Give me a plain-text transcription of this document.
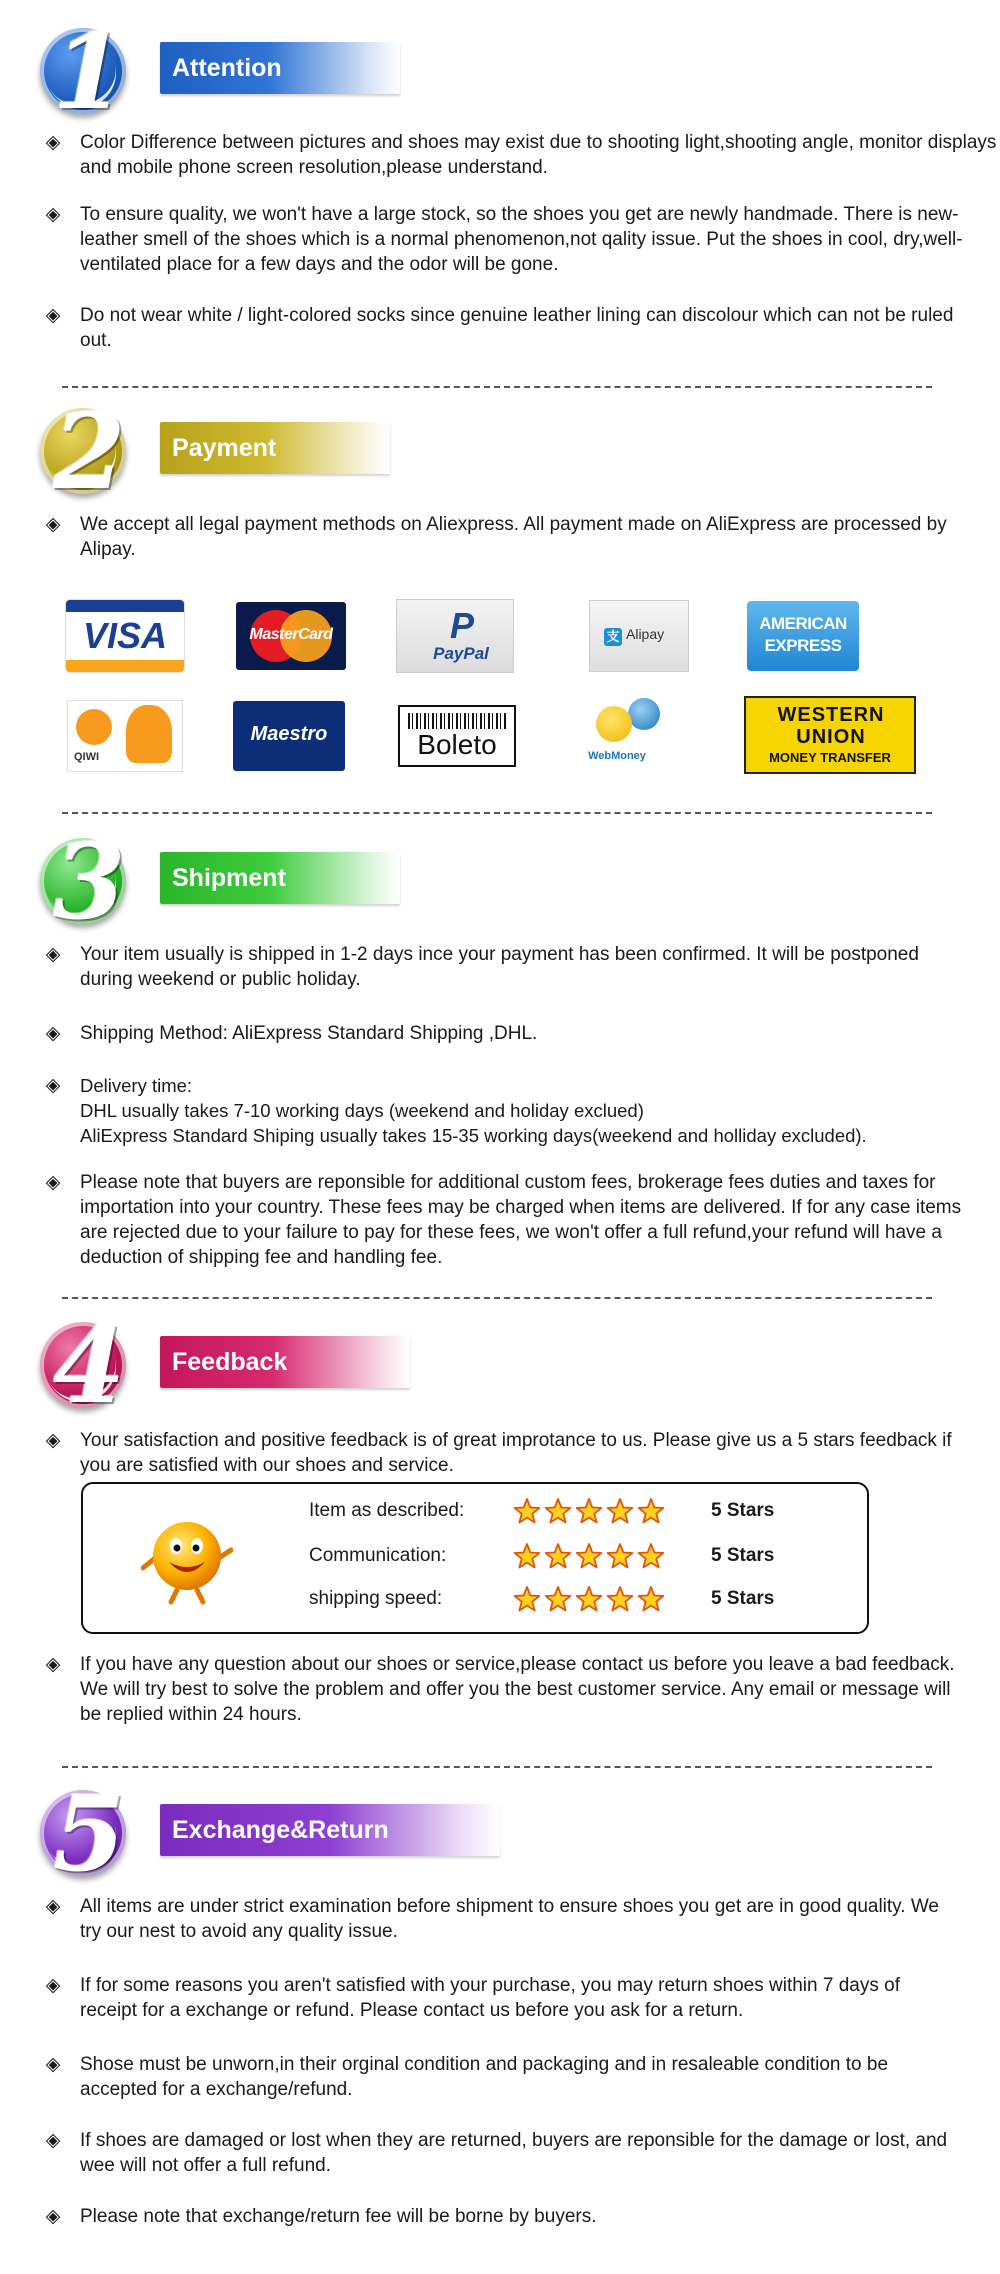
1	Attention
◈ Color Difference between pictures and shoes may exist due to shooting light,shooting angle, monitor displays and mobile phone screen resolution,please understand.
◈ To ensure quality, we won't have a large stock, so the shoes you get are newly handmade. There is new-leather smell of the shoes which is a normal phenomenon,not qality issue. Put the shoes in cool, dry,well-ventilated place for a few days and the odor will be gone.
◈ Do not wear white / light-colored socks since genuine leather lining can discolour which can not be ruled out.
2	Payment
◈ We accept all legal payment methods on Aliexpress. All payment made on AliExpress are processed by Alipay.
VISA	MasterCard	P
PayPal
支 Alipay
AMERICAN EXPRESS
QIWI
Maestro	Boleto	WebMoney
WESTERN UNION
MONEY TRANSFER
3	Shipment
◈ Your item usually is shipped in 1-2 days ince your payment has been confirmed. It will be postponed during weekend or public holiday.
◈ Shipping Method: AliExpress Standard Shipping ,DHL.
◈ Delivery time:
DHL usually takes 7-10 working days (weekend and holiday exclued)
AliExpress Standard Shiping usually takes 15-35 working days(weekend and holliday excluded).
◈ Please note that buyers are reponsible for additional custom fees, brokerage fees duties and taxes for importation into your country. These fees may be charged when items are delivered. If for any case items are rejected due to your failure to pay for these fees, we won't offer a full refund,your refund will have a deduction of shipping fee and handling fee.
4	Feedback
◈ Your satisfaction and positive feedback is of great improtance to us. Please give us a 5 stars feedback if you are satisfied with our shoes and service.
Item as described:	5 Stars
Communication:	5 Stars
shipping speed:	5 Stars
◈ If you have any question about our shoes or service,please contact us before you leave a bad feedback. We will try best to solve the problem and offer you the best customer service. Any email or message will be replied within 24 hours.
5	Exchange&Return
◈ All items are under strict examination before shipment to ensure shoes you get are in good quality. We try our nest to avoid any quality issue.
◈ If for some reasons you aren't satisfied with your purchase, you may return shoes within 7 days of receipt for a exchange or refund. Please contact us before you ask for a return.
◈ Shose must be unworn,in their orginal condition and packaging and in resaleable condition to be accepted for a exchange/refund.
◈ If shoes are damaged or lost when they are returned, buyers are reponsible for the damage or lost, and wee will not offer a full refund.
◈ Please note that exchange/return fee will be borne by buyers.
